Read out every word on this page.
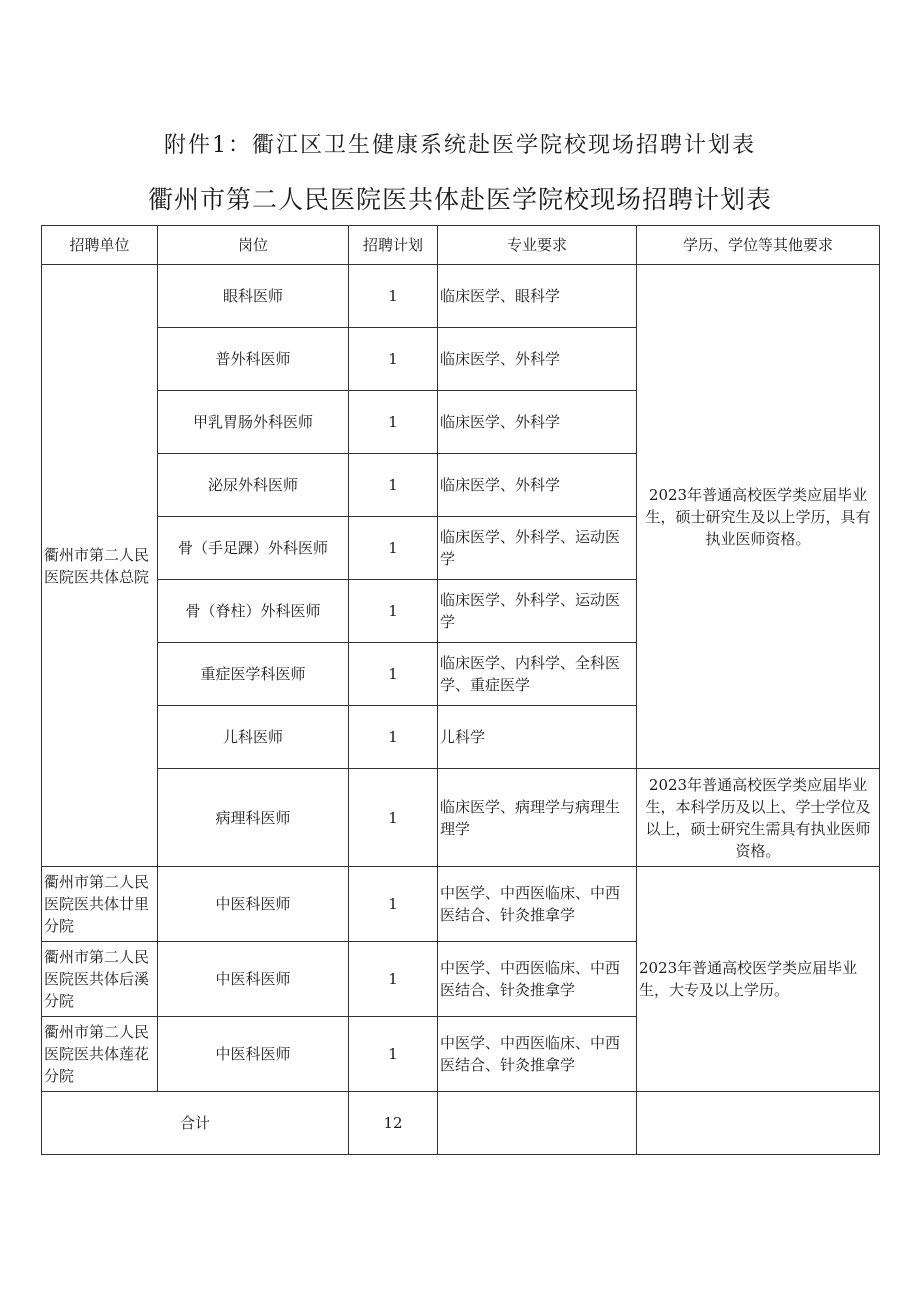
附件1：衢江区卫生健康系统赴医学院校现场招聘计划表
衢州市第二人民医院医共体赴医学院校现场招聘计划表
招聘单位	岗位	招聘计划	专业要求	学历、学位等其他要求
衢州市第二人民医院医共体总院	眼科医师	1	临床医学、眼科学	2023年普通高校医学类应届毕业生，硕士研究生及以上学历，具有执业医师资格。
	普外科医师	1	临床医学、外科学	
	甲乳胃肠外科医师	1	临床医学、外科学	
	泌尿外科医师	1	临床医学、外科学	
	骨（手足踝）外科医师	1	临床医学、外科学、运动医学	
	骨（脊柱）外科医师	1	临床医学、外科学、运动医学	
	重症医学科医师	1	临床医学、内科学、全科医学、重症医学	
	儿科医师	1	儿科学	
	病理科医师	1	临床医学、病理学与病理生理学	2023年普通高校医学类应届毕业生，本科学历及以上、学士学位及以上，硕士研究生需具有执业医师资格。
衢州市第二人民医院医共体廿里分院	中医科医师	1	中医学、中西医临床、中西医结合、针灸推拿学	2023年普通高校医学类应届毕业生，大专及以上学历。
衢州市第二人民医院医共体后溪分院	中医科医师	1	中医学、中西医临床、中西医结合、针灸推拿学	
衢州市第二人民医院医共体莲花分院	中医科医师	1	中医学、中西医临床、中西医结合、针灸推拿学	
合计		12		
